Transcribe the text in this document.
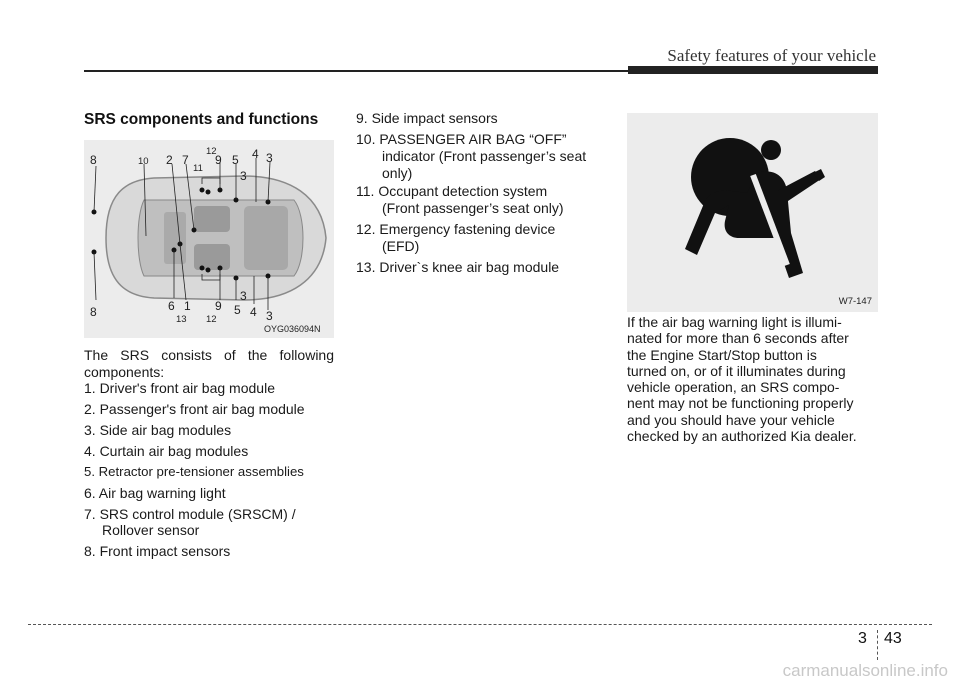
Safety features of your vehicle
SRS components and functions
8	10 2 7
11
12
9 5 4 3
3
8	6 1
13
9
12
5
3
4 3
OYG036094N

The SRS consists of the following components:

1. Driver's front air bag module
2. Passenger's front air bag module
3. Side air bag modules
4. Curtain air bag modules
5. Retractor pre-tensioner assemblies
6. Air bag warning light
7. SRS control module (SRSCM) /
Rollover sensor
8. Front impact sensors
9. Side impact sensors
10. PASSENGER AIR BAG “OFF”
indicator (Front passenger’s seat
only)
11. Occupant detection system
(Front passenger’s seat only)
12. Emergency fastening device
(EFD)
13. Driver`s knee air bag module
W7-147
If the air bag warning light is illumi-
nated for more than 6 seconds after
the Engine Start/Stop button is
turned on, or of it illuminates during
vehicle operation, an SRS compo-
nent may not be functioning properly
and you should have your vehicle
checked by an authorized Kia dealer.
3 43
carmanualsonline.info
